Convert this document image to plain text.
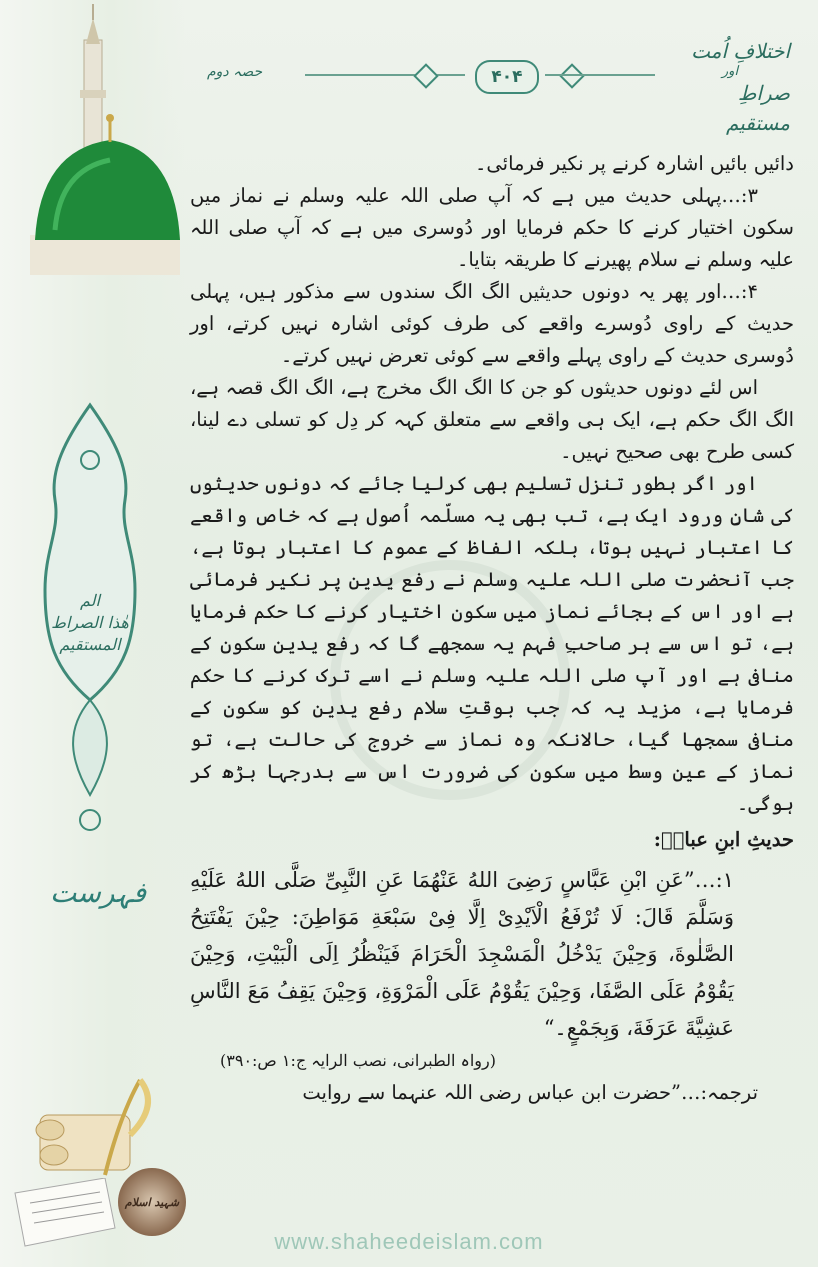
الم
ھٰذا الصراط المستقیم
فہرست
شہید اسلام
اختلافِ اُمت
اور
صراطِ مستقیم
۴۰۴
حصہ دوم

دائیں بائیں اشارہ کرنے پر نکیر فرمائی۔

۳:…پہلی حدیث میں ہے کہ آپ صلی اللہ علیہ وسلم نے نماز میں سکون اختیار کرنے کا حکم فرمایا اور دُوسری میں ہے کہ آپ صلی اللہ علیہ وسلم نے سلام پھیرنے کا طریقہ بتایا۔

۴:…اور پھر یہ دونوں حدیثیں الگ الگ سندوں سے مذکور ہیں، پہلی حدیث کے راوی دُوسرے واقعے کی طرف کوئی اشارہ نہیں کرتے، اور دُوسری حدیث کے راوی پہلے واقعے سے کوئی تعرض نہیں کرتے۔

اس لئے دونوں حدیثوں کو جن کا الگ الگ مخرج ہے، الگ الگ قصہ ہے، الگ الگ حکم ہے، ایک ہی واقعے سے متعلق کہہ کر دِل کو تسلی دے لینا، کسی طرح بھی صحیح نہیں۔

اور اگر بطور تنزل تسلیم بھی کرلیا جائے کہ دونوں حدیثوں کی شانِ ورود ایک ہے، تب بھی یہ مسلّمہ اُصول ہے کہ خاص واقعے کا اعتبار نہیں ہوتا، بلکہ الفاظ کے عموم کا اعتبار ہوتا ہے، جب آنحضرت صلی اللہ علیہ وسلم نے رفع یدین پر نکیر فرمائی ہے اور اس کے بجائے نماز میں سکون اختیار کرنے کا حکم فرمایا ہے، تو اس سے ہر صاحبِ فہم یہ سمجھے گا کہ رفع یدین سکون کے منافی ہے اور آپ صلی اللہ علیہ وسلم نے اسے ترک کرنے کا حکم فرمایا ہے، مزید یہ کہ جب بوقتِ سلام رفع یدین کو سکون کے منافی سمجھا گیا، حالانکہ وہ نماز سے خروج کی حالت ہے، تو نماز کے عین وسط میں سکون کی ضرورت اس سے بدرجہا بڑھ کر ہوگی۔

حدیثِ ابنِ عباسؓ:

۱:…”عَنِ ابْنِ عَبَّاسٍ رَضِیَ اللهُ عَنْهُمَا عَنِ النَّبِیِّ صَلَّی اللهُ عَلَیْهِ وَسَلَّمَ قَالَ: لَا تُرْفَعُ الْاَیْدِیْ اِلَّا فِیْ سَبْعَةِ مَوَاطِنَ: حِیْنَ یَفْتَتِحُ الصَّلٰوةَ، وَحِیْنَ یَدْخُلُ الْمَسْجِدَ الْحَرَامَ فَیَنْظُرُ اِلَی الْبَیْتِ، وَحِیْنَ یَقُوْمُ عَلَی الصَّفَا، وَحِیْنَ یَقُوْمُ عَلَی الْمَرْوَةِ، وَحِیْنَ یَقِفُ مَعَ النَّاسِ عَشِیَّةَ عَرَفَةَ، وَبِجَمْعٍ۔“

(رواہ الطبرانی، نصب الرایہ ج:۱ ص:۳۹۰)

ترجمہ:…”حضرت ابن عباس رضی اللہ عنہما سے روایت

www.shaheedeislam.com
